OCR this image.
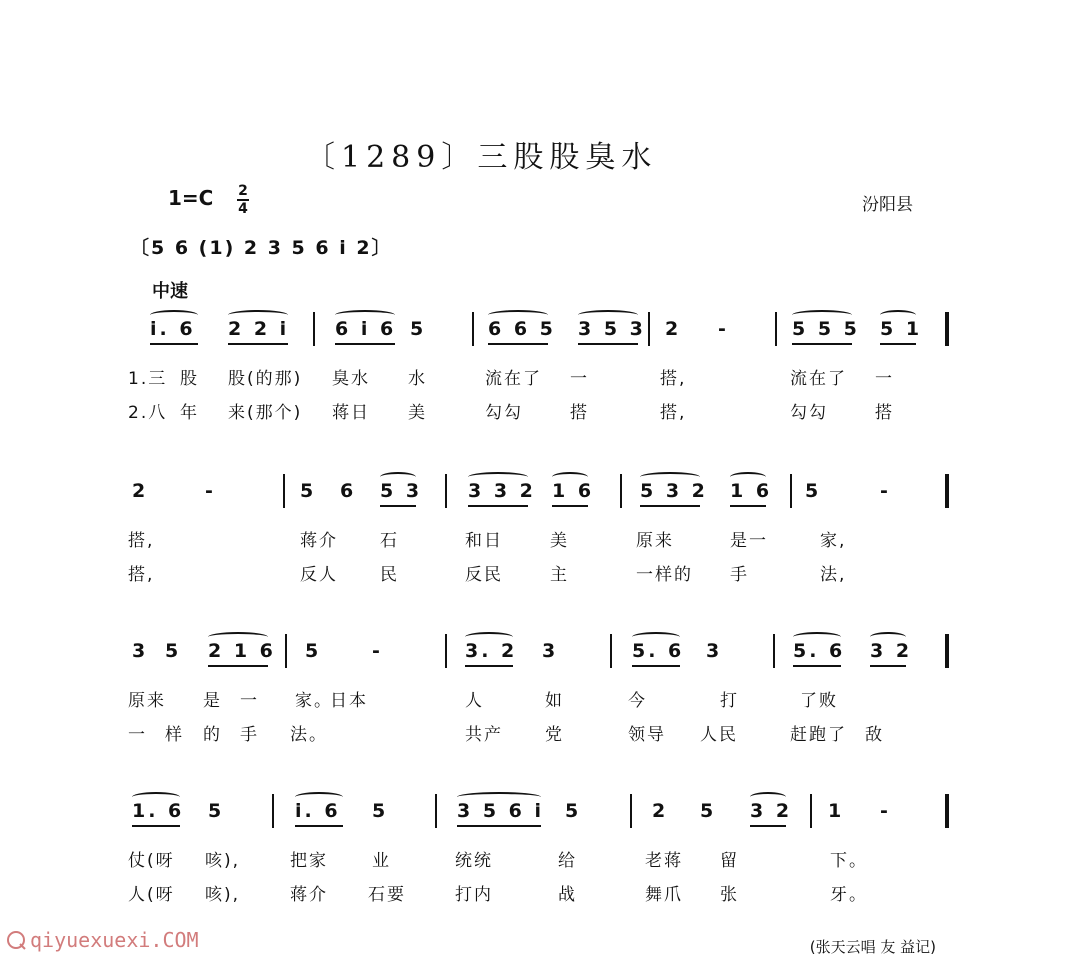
〔1289〕三股股臭水
1=C 2
4	汾阳县
〔5 6 (1) 2 3 5 6 i 2〕
中速
i. 6 2 2 i 6 i 6 5	6 6 5 3 5 3 2 -	5 5 5 5 1
1.三 股 股(的那) 臭水 水	流在了 一	搭,	流在了 一
2.八 年 来(那个) 蒋日 美	勾勾	搭	搭,	勾勾	搭
2	-	5 6 5 3 3 3 2 1 6 5 3 2 1 6 5	-
搭,	蒋介 石	和日	美	原来	是一	家,
搭,	反人 民	反民	主	一样的 手	法,
3 5 2 1 6 5	-	3. 2 3	5. 6 3	5. 6 3 2
原来 是 一 家。
日本	人	如	今	打	了败
一 样 的 手 法。	共产 党	领导 人民	赶跑了 敌
1. 6 5	i. 6 5	3 5 6 i 5	2 5 3 2 1 -
仗(呀 咳),	把家	业	统统	给	老蒋 留	下。
人(呀 咳),	蒋介 石要	打内	战	舞爪 张	牙。
(张天云唱 友 益记)
qiyuexuexi.COM
